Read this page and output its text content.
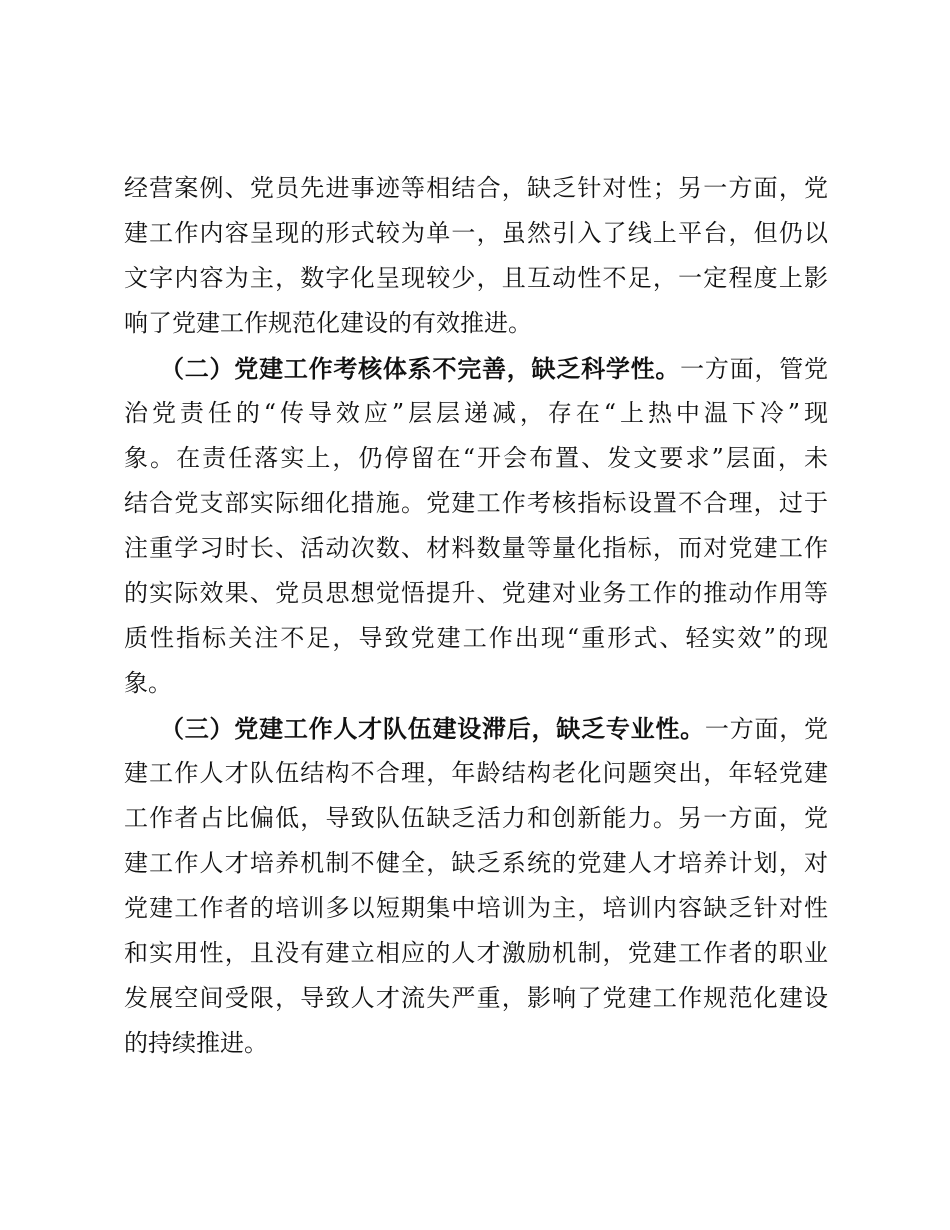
经营案例、党员先进事迹等相结合，缺乏针对性；另一方面，党
建工作内容呈现的形式较为单一，虽然引入了线上平台，但仍以
文字内容为主，数字化呈现较少，且互动性不足，一定程度上影
响了党建工作规范化建设的有效推进。
（二）党建工作考核体系不完善，缺乏科学性。一方面，管党
治党责任的“传导效应”层层递减，存在“上热中温下冷”现
象。在责任落实上，仍停留在“开会布置、发文要求”层面，未
结合党支部实际细化措施。党建工作考核指标设置不合理，过于
注重学习时长、活动次数、材料数量等量化指标，而对党建工作
的实际效果、党员思想觉悟提升、党建对业务工作的推动作用等
质性指标关注不足，导致党建工作出现“重形式、轻实效”的现
象。
（三）党建工作人才队伍建设滞后，缺乏专业性。一方面，党
建工作人才队伍结构不合理，年龄结构老化问题突出，年轻党建
工作者占比偏低，导致队伍缺乏活力和创新能力。另一方面，党
建工作人才培养机制不健全，缺乏系统的党建人才培养计划，对
党建工作者的培训多以短期集中培训为主，培训内容缺乏针对性
和实用性，且没有建立相应的人才激励机制，党建工作者的职业
发展空间受限，导致人才流失严重，影响了党建工作规范化建设
的持续推进。
